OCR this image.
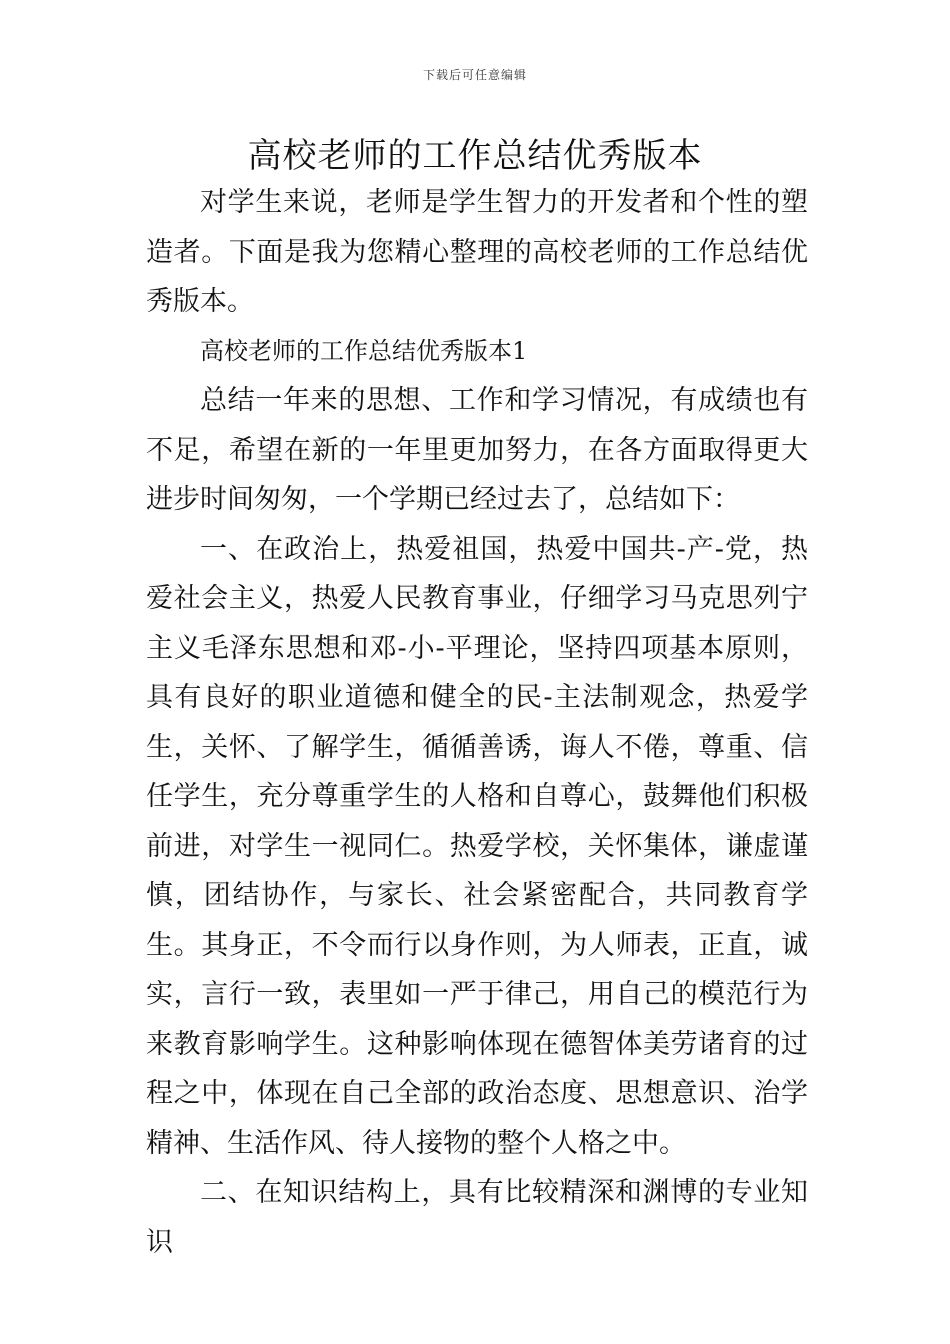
下载后可任意编辑
高校老师的工作总结优秀版本

对学生来说，老师是学生智力的开发者和个性的塑造者。下面是我为您精心整理的高校老师的工作总结优秀版本。

高校老师的工作总结优秀版本1

总结一年来的思想、工作和学习情况，有成绩也有不足，希望在新的一年里更加努力，在各方面取得更大进步时间匆匆，一个学期已经过去了，总结如下：

一、在政治上，热爱祖国，热爱中国共-产-党，热爱社会主义，热爱人民教育事业，仔细学习马克思列宁主义毛泽东思想和邓-小-平理论，坚持四项基本原则，具有良好的职业道德和健全的民-主法制观念，热爱学生，关怀、了解学生，循循善诱，诲人不倦，尊重、信任学生，充分尊重学生的人格和自尊心，鼓舞他们积极前进，对学生一视同仁。热爱学校，关怀集体，谦虚谨慎，团结协作，与家长、社会紧密配合，共同教育学生。其身正，不令而行以身作则，为人师表，正直，诚实，言行一致，表里如一严于律己，用自己的模范行为来教育影响学生。这种影响体现在德智体美劳诸育的过程之中，体现在自己全部的政治态度、思想意识、治学精神、生活作风、待人接物的整个人格之中。

二、在知识结构上，具有比较精深和渊博的专业知识
